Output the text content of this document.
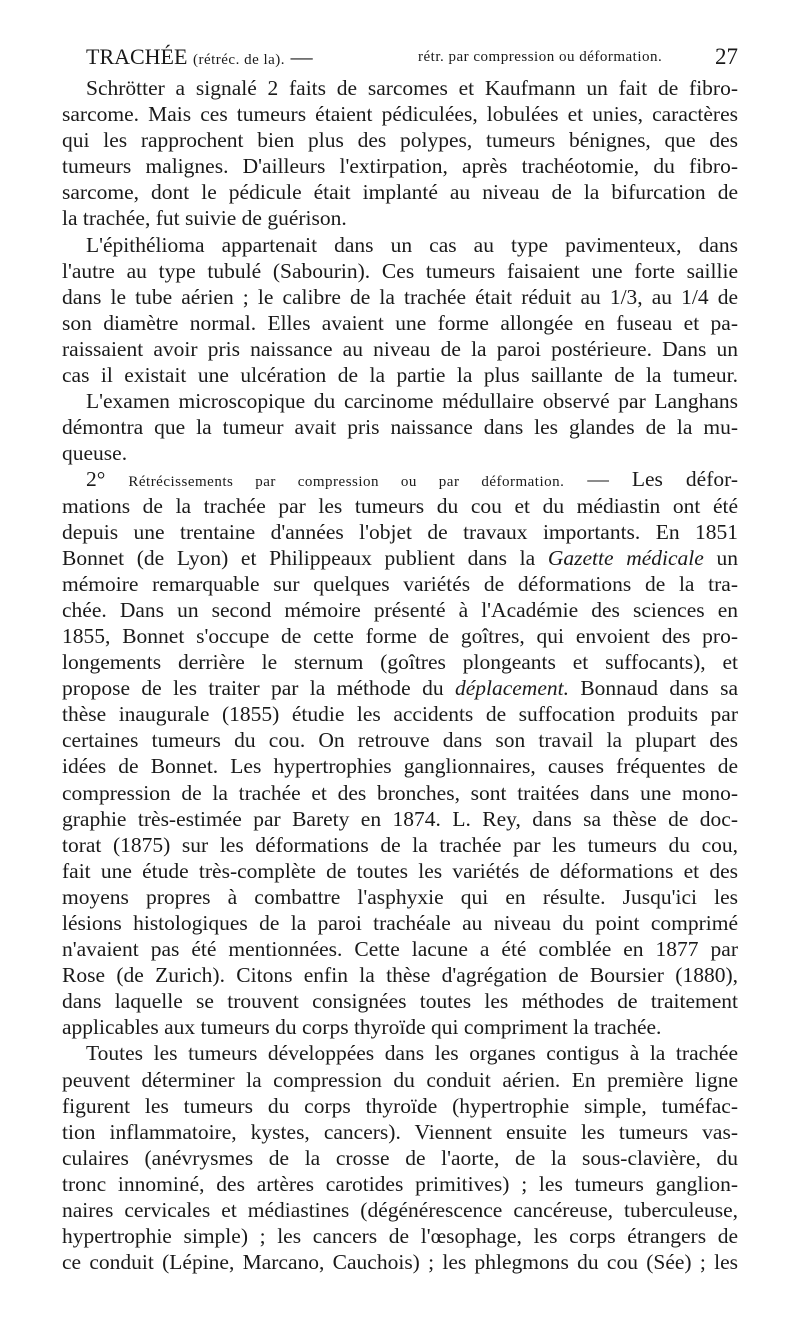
TRACHÉE (rétréc. de la). —	rétr. par compression ou déformation. 27
Schrötter a signalé 2 faits de sarcomes et Kaufmann un fait de fibro-
sarcome. Mais ces tumeurs étaient pédiculées, lobulées et unies, caractères
qui les rapprochent bien plus des polypes, tumeurs bénignes, que des
tumeurs malignes. D'ailleurs l'extirpation, après trachéotomie, du fibro-
sarcome, dont le pédicule était implanté au niveau de la bifurcation de
la trachée, fut suivie de guérison.
L'épithélioma appartenait dans un cas au type pavimenteux, dans
l'autre au type tubulé (Sabourin). Ces tumeurs faisaient une forte saillie
dans le tube aérien ; le calibre de la trachée était réduit au 1/3, au 1/4 de
son diamètre normal. Elles avaient une forme allongée en fuseau et pa-
raissaient avoir pris naissance au niveau de la paroi postérieure. Dans un
cas il existait une ulcération de la partie la plus saillante de la tumeur.
L'examen microscopique du carcinome médullaire observé par Langhans
démontra que la tumeur avait pris naissance dans les glandes de la mu-
queuse.
2° Rétrécissements par compression ou par déformation. — Les défor-
mations de la trachée par les tumeurs du cou et du médiastin ont été
depuis une trentaine d'années l'objet de travaux importants. En 1851
Bonnet (de Lyon) et Philippeaux publient dans la Gazette médicale un
mémoire remarquable sur quelques variétés de déformations de la tra-
chée. Dans un second mémoire présenté à l'Académie des sciences en
1855, Bonnet s'occupe de cette forme de goîtres, qui envoient des pro-
longements derrière le sternum (goîtres plongeants et suffocants), et
propose de les traiter par la méthode du déplacement. Bonnaud dans sa
thèse inaugurale (1855) étudie les accidents de suffocation produits par
certaines tumeurs du cou. On retrouve dans son travail la plupart des
idées de Bonnet. Les hypertrophies ganglionnaires, causes fréquentes de
compression de la trachée et des bronches, sont traitées dans une mono-
graphie très-estimée par Barety en 1874. L. Rey, dans sa thèse de doc-
torat (1875) sur les déformations de la trachée par les tumeurs du cou,
fait une étude très-complète de toutes les variétés de déformations et des
moyens propres à combattre l'asphyxie qui en résulte. Jusqu'ici les
lésions histologiques de la paroi trachéale au niveau du point comprimé
n'avaient pas été mentionnées. Cette lacune a été comblée en 1877 par
Rose (de Zurich). Citons enfin la thèse d'agrégation de Boursier (1880),
dans laquelle se trouvent consignées toutes les méthodes de traitement
applicables aux tumeurs du corps thyroïde qui compriment la trachée.
Toutes les tumeurs développées dans les organes contigus à la trachée
peuvent déterminer la compression du conduit aérien. En première ligne
figurent les tumeurs du corps thyroïde (hypertrophie simple, tuméfac-
tion inflammatoire, kystes, cancers). Viennent ensuite les tumeurs vas-
culaires (anévrysmes de la crosse de l'aorte, de la sous-clavière, du
tronc innominé, des artères carotides primitives) ; les tumeurs ganglion-
naires cervicales et médiastines (dégénérescence cancéreuse, tuberculeuse,
hypertrophie simple) ; les cancers de l'œsophage, les corps étrangers de
ce conduit (Lépine, Marcano, Cauchois) ; les phlegmons du cou (Sée) ; les
